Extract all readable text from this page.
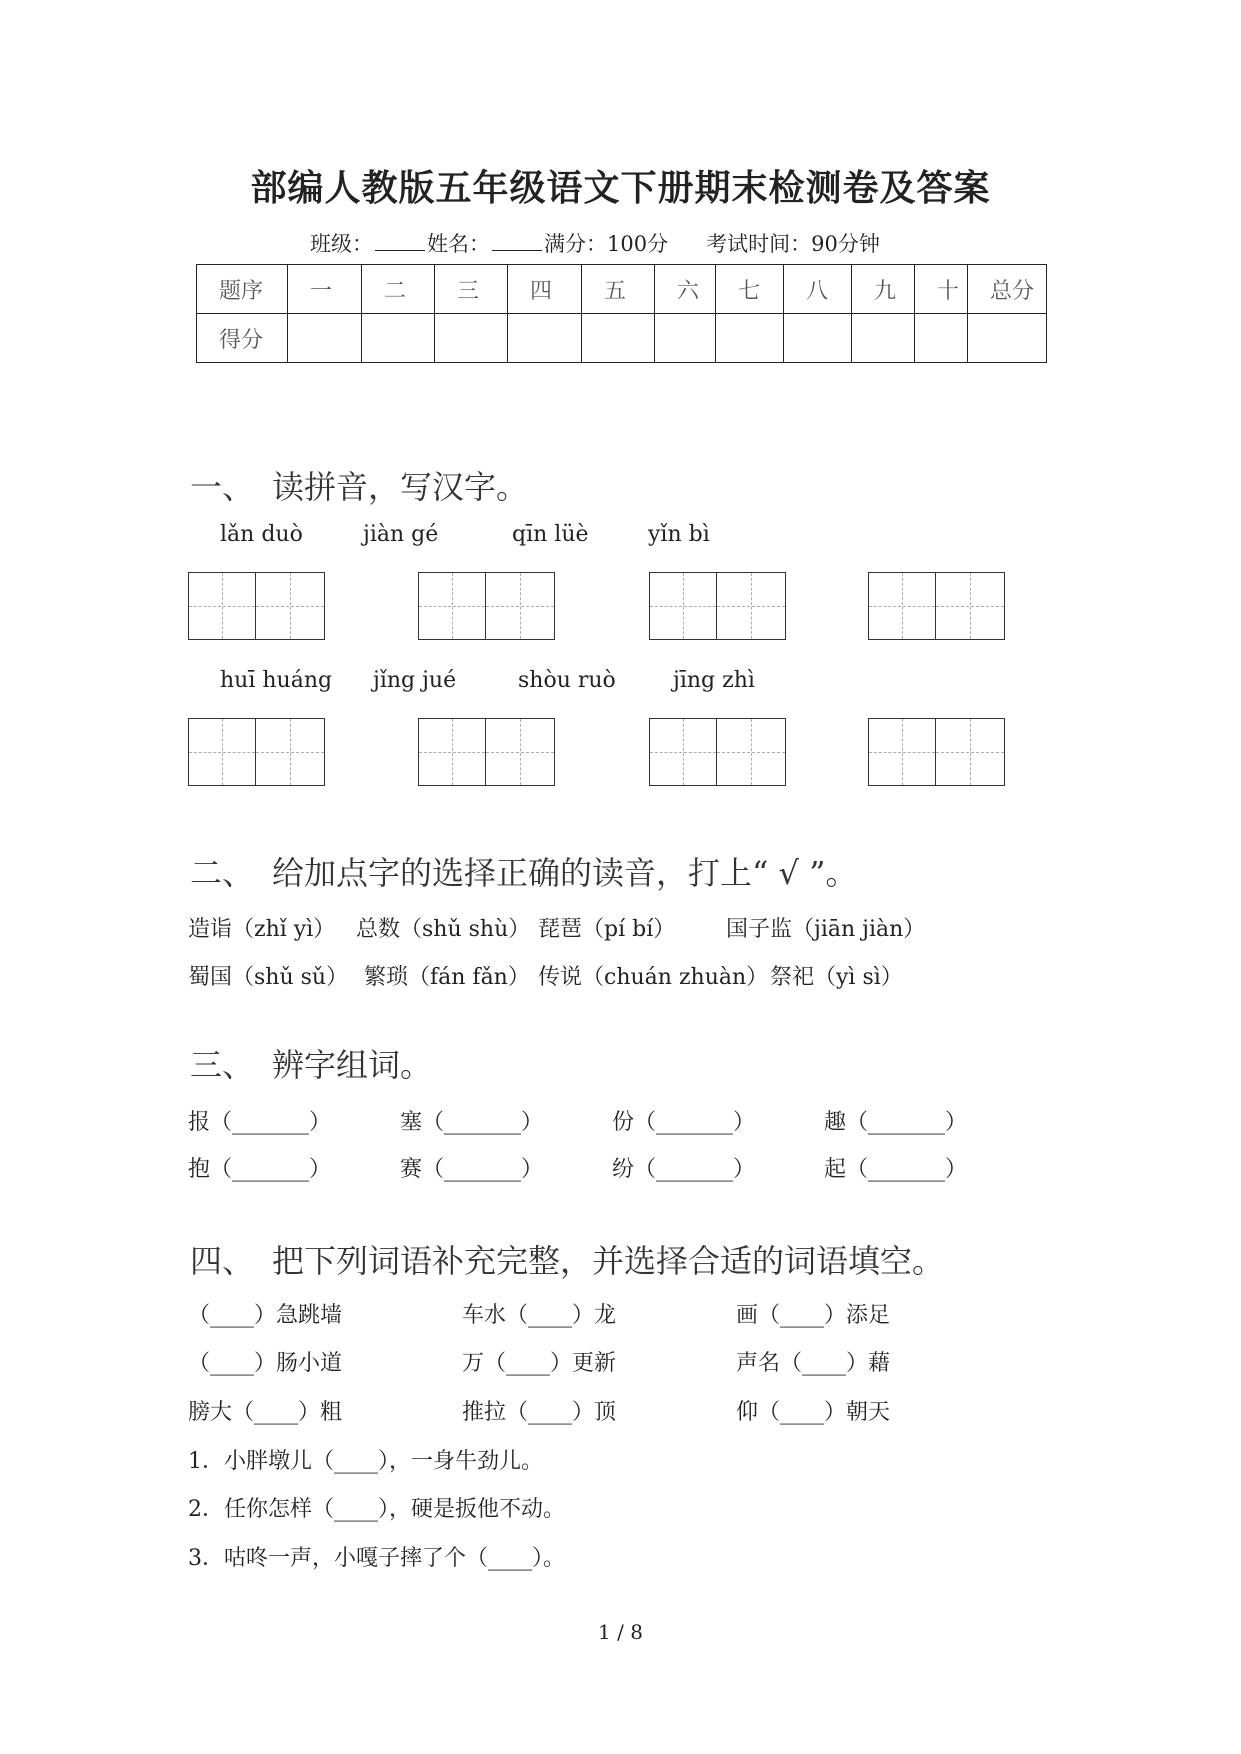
部编人教版五年级语文下册期末检测卷及答案
班级：	姓名：	满分：100分 考试时间：90分钟
题序	一	二	三	四	五	六	七	八	九	十	总分
得分											
一、 读拼音，写汉字。
lǎn duò	jiàn gé	qīn lüè	yǐn bì
huī huáng jǐng jué	shòu ruò	jīng zhì
二、 给加点字的选择正确的读音，打上“ √ ”。
造诣（zhǐ yì） 总数（shǔ shù） 琵琶（pí bí） 国子监（jiān jiàn）
蜀国（shǔ sǔ） 繁琐（fán fǎn） 传说（chuán zhuàn） 祭祀（yì sì）
三、 辨字组词。
报（_______）	塞（_______）	份（_______）	趣（_______）
抱（_______）	赛（_______）	纷（_______）	起（_______）
四、 把下列词语补充完整，并选择合适的词语填空。
（____）急跳墙	车水（____）龙	画（____）添足
（____）肠小道	万（____）更新	声名（____）藉
膀大（____）粗	推拉（____）顶	仰（____）朝天
1．小胖墩儿（____），一身牛劲儿。
2．任你怎样（____），硬是扳他不动。
3．咕咚一声，小嘎子摔了个（____）。
1 / 8
